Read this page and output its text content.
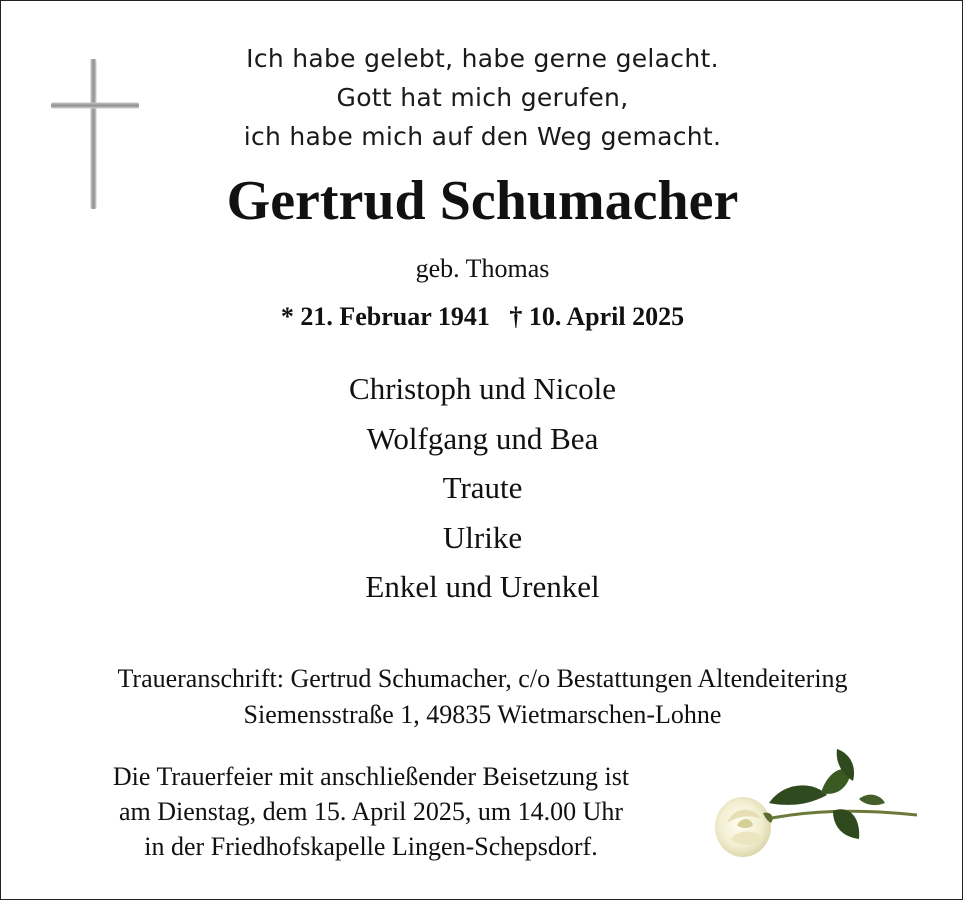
Ich habe gelebt, habe gerne gelacht.
Gott hat mich gerufen,
ich habe mich auf den Weg gemacht.
Gertrud Schumacher
geb. Thomas
* 21. Februar 1941 † 10. April 2025
Christoph und Nicole
Wolfgang und Bea
Traute
Ulrike
Enkel und Urenkel
Traueranschrift: Gertrud Schumacher, c/o Bestattungen Altendeitering
Siemensstraße 1, 49835 Wietmarschen-Lohne
Die Trauerfeier mit anschließender Beisetzung ist
am Dienstag, dem 15. April 2025, um 14.00 Uhr
in der Friedhofskapelle Lingen-Schepsdorf.
